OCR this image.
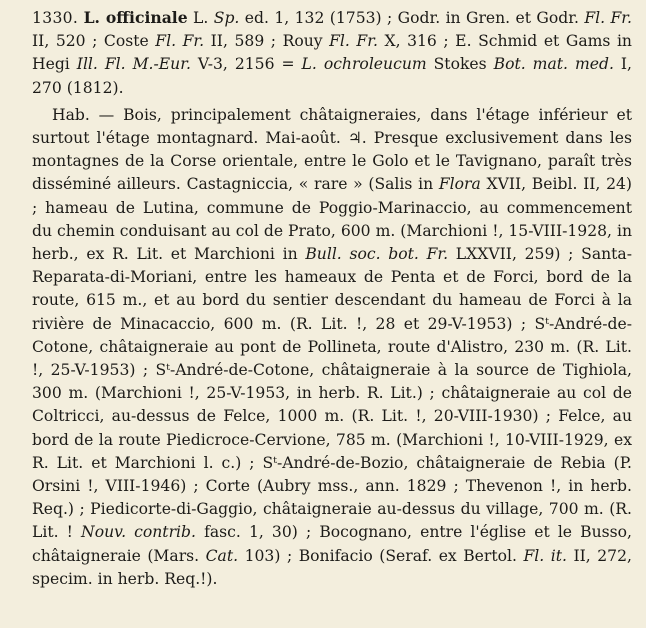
1330. L. officinale L. Sp. ed. 1, 132 (1753) ; Godr. in Gren. et Godr. Fl. Fr. II, 520 ; Coste Fl. Fr. II, 589 ; Rouy Fl. Fr. X, 316 ; E. Schmid et Gams in Hegi Ill. Fl. M.-Eur. V-3, 2156 = L. ochroleucum Stokes Bot. mat. med. I, 270 (1812).

Hab. — Bois, principalement châtaigneraies, dans l'étage inférieur et surtout l'étage montagnard. Mai-août. ♃. Presque exclusivement dans les montagnes de la Corse orientale, entre le Golo et le Tavignano, paraît très disséminé ailleurs. Castagniccia, « rare » (Salis in Flora XVII, Beibl. II, 24) ; hameau de Lutina, commune de Poggio-Marinaccio, au commencement du chemin conduisant au col de Prato, 600 m. (Marchioni !, 15-VIII-1928, in herb., ex R. Lit. et Marchioni in Bull. soc. bot. Fr. LXXVII, 259) ; Santa-Reparata-di-Moriani, entre les hameaux de Penta et de Forci, bord de la route, 615 m., et au bord du sentier descendant du hameau de Forci à la rivière de Minacaccio, 600 m. (R. Lit. !, 28 et 29-V-1953) ; Sᵗ-André-de-Cotone, châtaigneraie au pont de Pollineta, route d'Alistro, 230 m. (R. Lit. !, 25-V-1953) ; Sᵗ-André-de-Cotone, châtaigneraie à la source de Tighiola, 300 m. (Marchioni !, 25-V-1953, in herb. R. Lit.) ; châtaigneraie au col de Coltricci, au-dessus de Felce, 1000 m. (R. Lit. !, 20-VIII-1930) ; Felce, au bord de la route Piedicroce-Cervione, 785 m. (Marchioni !, 10-VIII-1929, ex R. Lit. et Marchioni l. c.) ; Sᵗ-André-de-Bozio, châtaigneraie de Rebia (P. Orsini !, VIII-1946) ; Corte (Aubry mss., ann. 1829 ; Thevenon !, in herb. Req.) ; Piedicorte-di-Gaggio, châtaigneraie au-dessus du village, 700 m. (R. Lit. ! Nouv. contrib. fasc. 1, 30) ; Bocognano, entre l'église et le Busso, châtaigneraie (Mars. Cat. 103) ; Bonifacio (Seraf. ex Bertol. Fl. it. II, 272, specim. in herb. Req.!).
